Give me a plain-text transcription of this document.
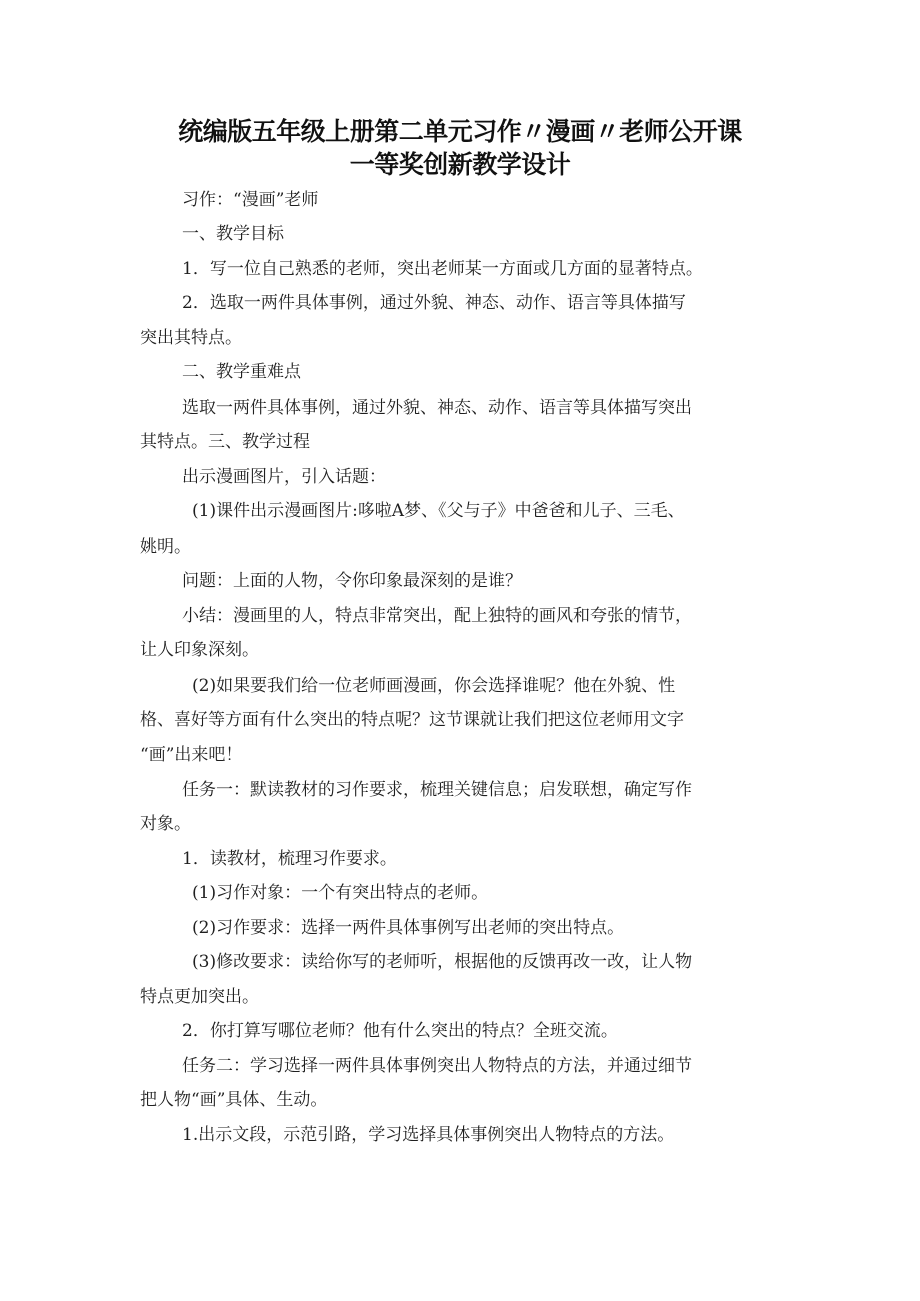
统编版五年级上册第二单元习作〃漫画〃老师公开课
一等奖创新教学设计
习作：“漫画”老师
一、教学目标
1．写一位自己熟悉的老师，突出老师某一方面或几方面的显著特点。
2．选取一两件具体事例，通过外貌、神态、动作、语言等具体描写
突出其特点。
二、教学重难点
选取一两件具体事例，通过外貌、神态、动作、语言等具体描写突出
其特点。三、教学过程
出示漫画图片，引入话题：
(1)课件出示漫画图片:哆啦A梦、《父与子》中爸爸和儿子、三毛、
姚明。
问题：上面的人物，令你印象最深刻的是谁？
小结：漫画里的人，特点非常突出，配上独特的画风和夸张的情节，
让人印象深刻。
(2)如果要我们给一位老师画漫画，你会选择谁呢？他在外貌、性
格、喜好等方面有什么突出的特点呢？这节课就让我们把这位老师用文字
“画”出来吧！
任务一：默读教材的习作要求，梳理关键信息；启发联想，确定写作
对象。
1．读教材，梳理习作要求。
(1)习作对象：一个有突出特点的老师。
(2)习作要求：选择一两件具体事例写出老师的突出特点。
(3)修改要求：读给你写的老师听，根据他的反馈再改一改，让人物
特点更加突出。
2．你打算写哪位老师？他有什么突出的特点？全班交流。
任务二：学习选择一两件具体事例突出人物特点的方法，并通过细节
把人物“画”具体、生动。
1.出示文段，示范引路，学习选择具体事例突出人物特点的方法。
